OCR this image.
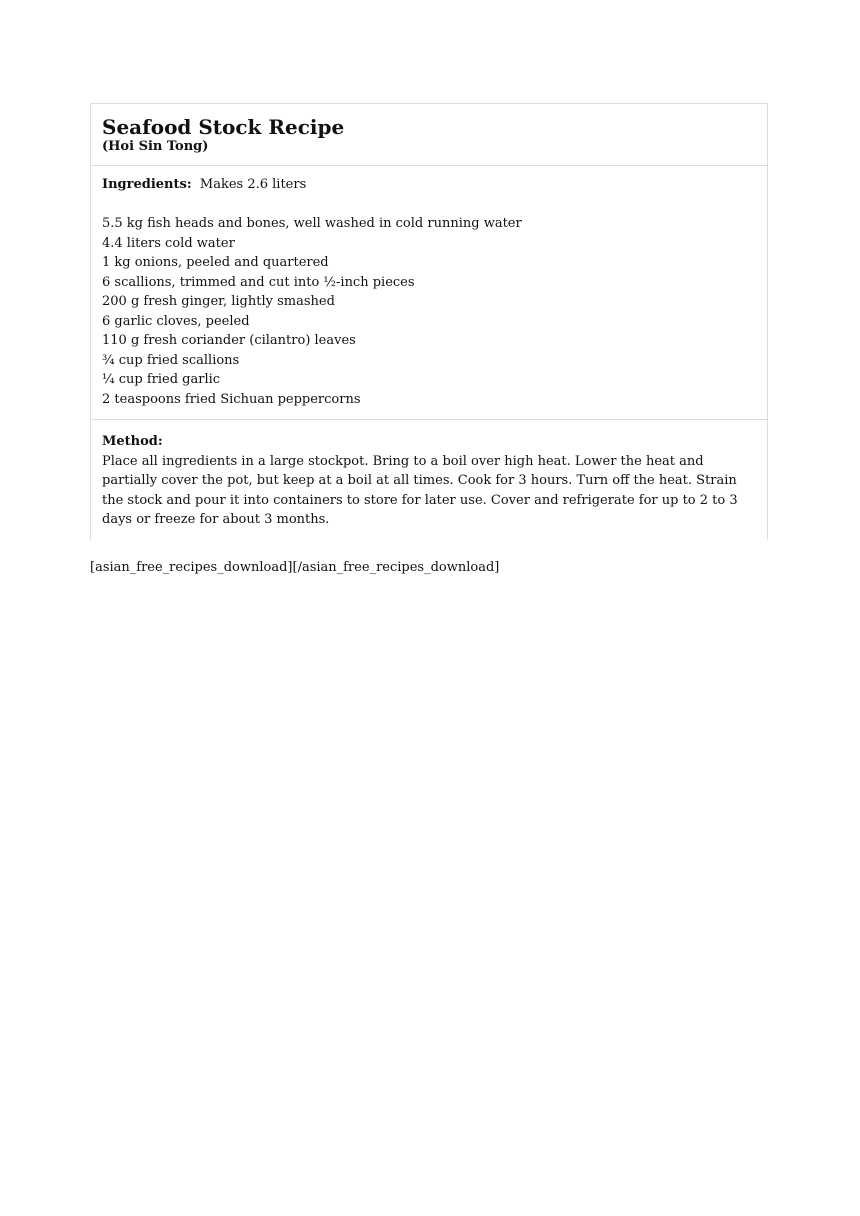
Seafood Stock Recipe
(Hoi Sin Tong)

Ingredients: Makes 2.6 liters

5.5 kg fish heads and bones, well washed in cold running water
4.4 liters cold water
1 kg onions, peeled and quartered
6 scallions, trimmed and cut into ½-inch pieces
200 g fresh ginger, lightly smashed
6 garlic cloves, peeled
110 g fresh coriander (cilantro) leaves
¾ cup fried scallions
¼ cup fried garlic
2 teaspoons fried Sichuan peppercorns

Method:

Place all ingredients in a large stockpot. Bring to a boil over high heat. Lower the heat and partially cover the pot, but keep at a boil at all times. Cook for 3 hours. Turn off the heat. Strain the stock and pour it into containers to store for later use. Cover and refrigerate for up to 2 to 3 days or freeze for about 3 months.

[asian_free_recipes_download][/asian_free_recipes_download]
